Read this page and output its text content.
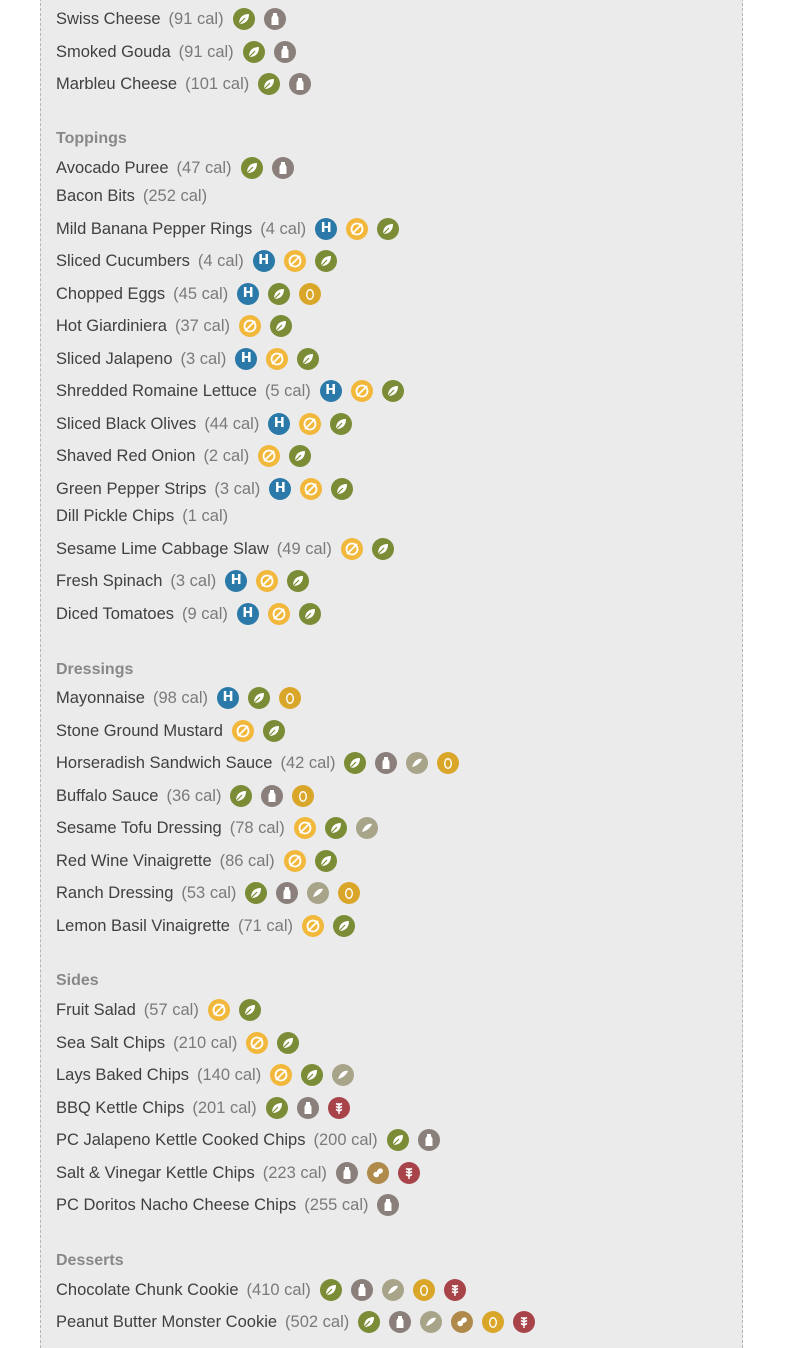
Swiss Cheese (91 cal)
Smoked Gouda (91 cal)
Marbleu Cheese (101 cal)
Toppings
Avocado Puree (47 cal)
Bacon Bits (252 cal)
Mild Banana Pepper Rings (4 cal)	H
Sliced Cucumbers (4 cal)	H
Chopped Eggs (45 cal)	H
Hot Giardiniera (37 cal)
Sliced Jalapeno (3 cal)	H
Shredded Romaine Lettuce (5 cal)	H
Sliced Black Olives (44 cal)	H
Shaved Red Onion (2 cal)
Green Pepper Strips (3 cal)	H
Dill Pickle Chips (1 cal)
Sesame Lime Cabbage Slaw (49 cal)
Fresh Spinach (3 cal)	H
Diced Tomatoes (9 cal)	H
Dressings
Mayonnaise (98 cal)	H
Stone Ground Mustard
Horseradish Sandwich Sauce (42 cal)
Buffalo Sauce (36 cal)
Sesame Tofu Dressing (78 cal)
Red Wine Vinaigrette (86 cal)
Ranch Dressing (53 cal)
Lemon Basil Vinaigrette (71 cal)
Sides
Fruit Salad (57 cal)
Sea Salt Chips (210 cal)
Lays Baked Chips (140 cal)
BBQ Kettle Chips (201 cal)
PC Jalapeno Kettle Cooked Chips (200 cal)
Salt & Vinegar Kettle Chips (223 cal)
PC Doritos Nacho Cheese Chips (255 cal)
Desserts
Chocolate Chunk Cookie (410 cal)
Peanut Butter Monster Cookie (502 cal)
